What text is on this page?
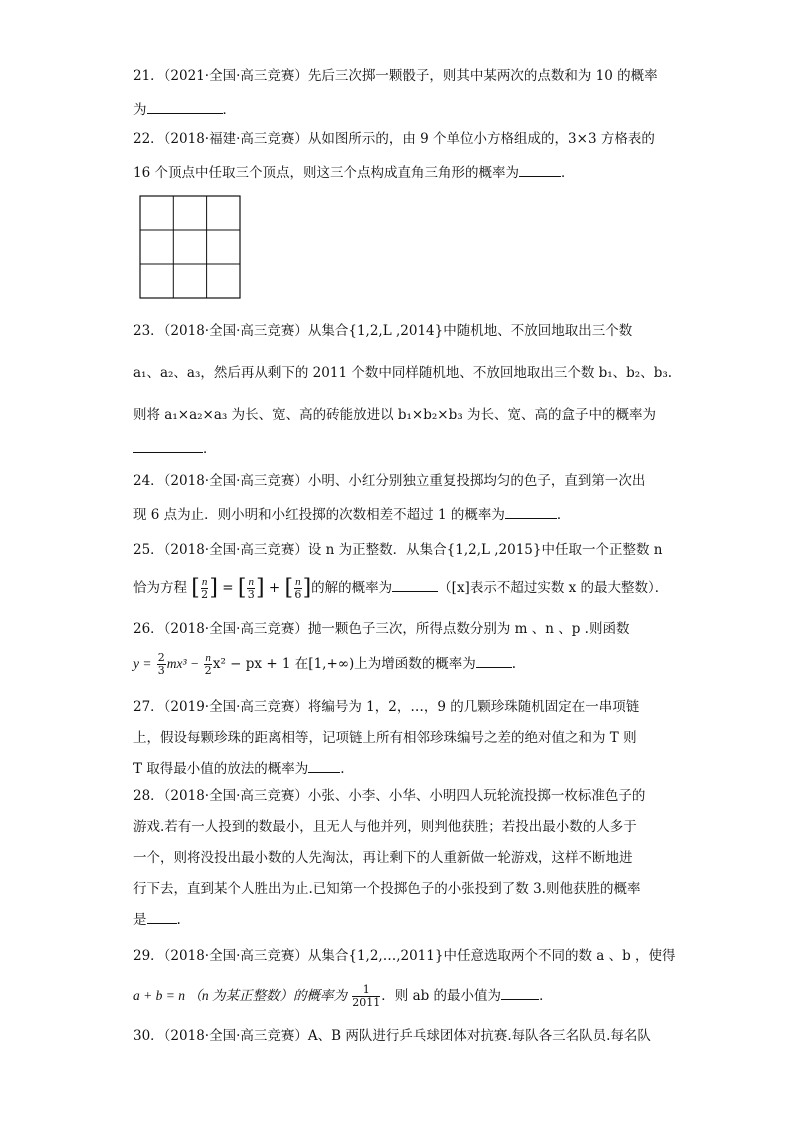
21．（2021·全国·高三竞赛）先后三次掷一颗骰子，则其中某两次的点数和为 10 的概率
为	．
22．（2018·福建·高三竞赛）从如图所示的，由 9 个单位小方格组成的，3×3 方格表的
16 个顶点中任取三个顶点，则这三个点构成直角三角形的概率为	．
23．（2018·全国·高三竞赛）从集合{1,2,L ,2014}中随机地、不放回地取出三个数
a₁、a₂、a₃，然后再从剩下的 2011 个数中同样随机地、不放回地取出三个数 b₁、b₂、b₃.
则将 a₁×a₂×a₃ 为长、宽、高的砖能放进以 b₁×b₂×b₃ 为长、宽、高的盒子中的概率为
．
24．（2018·全国·高三竞赛）小明、小红分别独立重复投掷均匀的色子，直到第一次出
现 6 点为止．则小明和小红投掷的次数相差不超过 1 的概率为	．
25．（2018·全国·高三竞赛）设 n 为正整数．从集合{1,2,L ,2015}中任取一个正整数 n
恰为方程 [ $\frac{n}{2}$ ] = [ $\frac{n}{3}$ ] + [ $\frac{n}{6}$ ]的解的概率为	（[x]表示不超过实数 x 的最大整数）．
26．（2018·全国·高三竞赛）抛一颗色子三次，所得点数分别为 m 、n 、p .则函数
$y = \frac{2}{3} mx^3 - \frac{n}{2} x^2$ − px + 1 在[1,+∞)上为增函数的概率为	.
27．（2019·全国·高三竞赛）将编号为 1，2，…，9 的几颗珍珠随机固定在一串项链
上，假设每颗珍珠的距离相等，记项链上所有相邻珍珠编号之差的绝对值之和为 T 则
T 取得最小值的放法的概率为 .
28．（2018·全国·高三竞赛）小张、小李、小华、小明四人玩轮流投掷一枚标准色子的
游戏.若有一人投到的数最小，且无人与他并列，则判他获胜；若投出最小数的人多于
一个，则将没投出最小数的人先淘汰，再让剩下的人重新做一轮游戏，这样不断地进
行下去，直到某个人胜出为止.已知第一个投掷色子的小张投到了数 3.则他获胜的概率
是 .
29．（2018·全国·高三竞赛）从集合{1,2,…,2011}中任意选取两个不同的数 a 、b ，使得
a + b = n （n 为某正整数）的概率为 $\frac{1}{2011}$ ．则 ab 的最小值为	．
30．（2018·全国·高三竞赛）A、B 两队进行乒乓球团体对抗赛.每队各三名队员.每名队
